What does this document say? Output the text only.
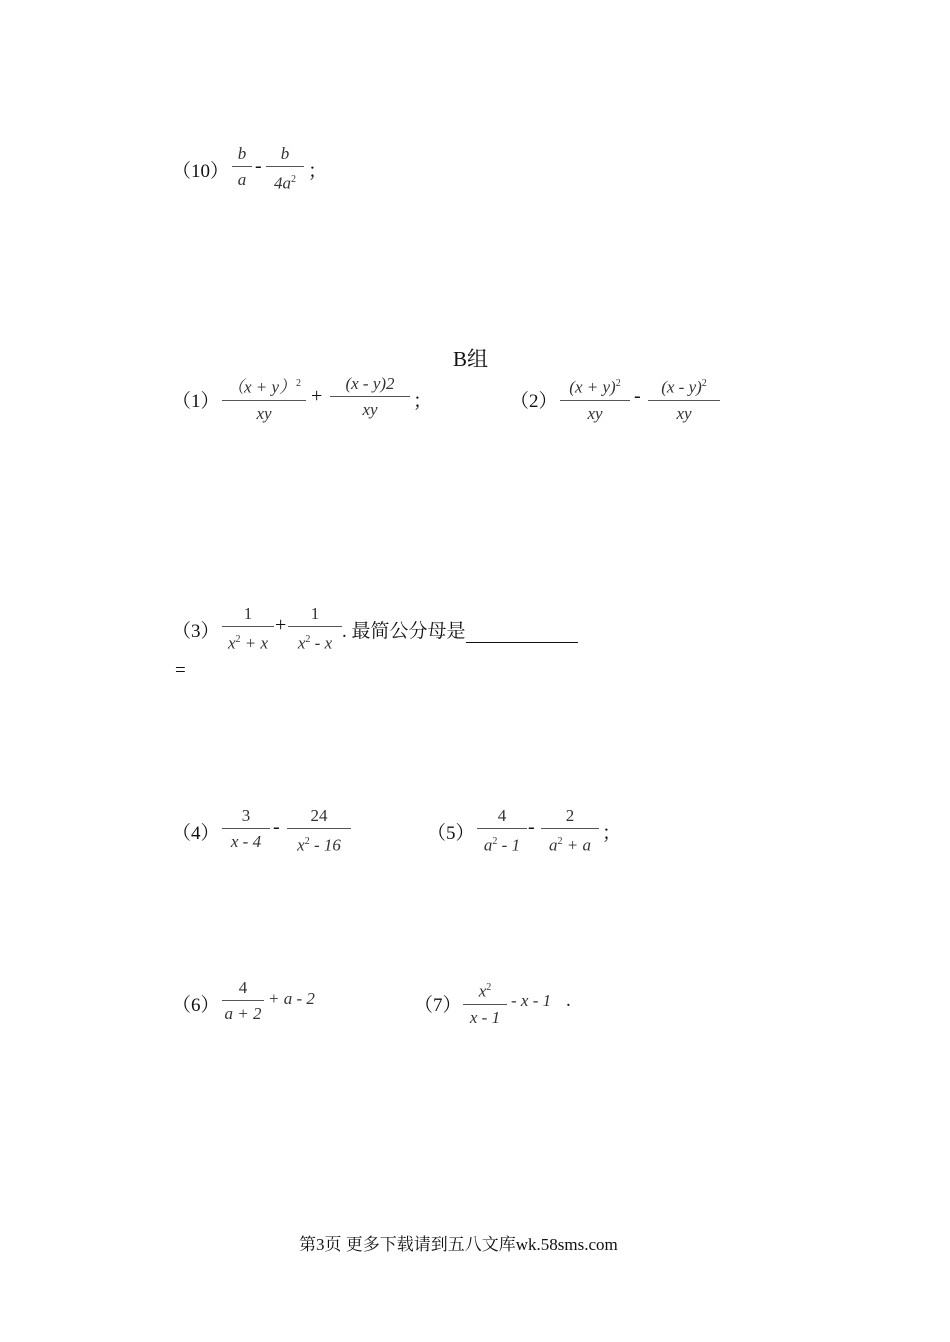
（10）
b
a
-
b
$4a^2$ ；
B组
（1）
$(x + y)^2$
xy
+
(x - y)2
xy	；	（2）
$(x + y)^2$
xy
-	(x - y)$^2$
xy
（3）
1
$x^2 + x$
+
1
$x^2$ - x
. 最简公分母是
=
（4）
3
x - 4
-
24
$x^2 - 16$
（5）
4
$a^2 - 1$
-
2
$a^2 + a$
；
（6）
4
a + 2
+ a - 2	（7）
$x^2$
x - 1
- x - 1 .
第3页 更多下载请到五八文库wk.58sms.com
